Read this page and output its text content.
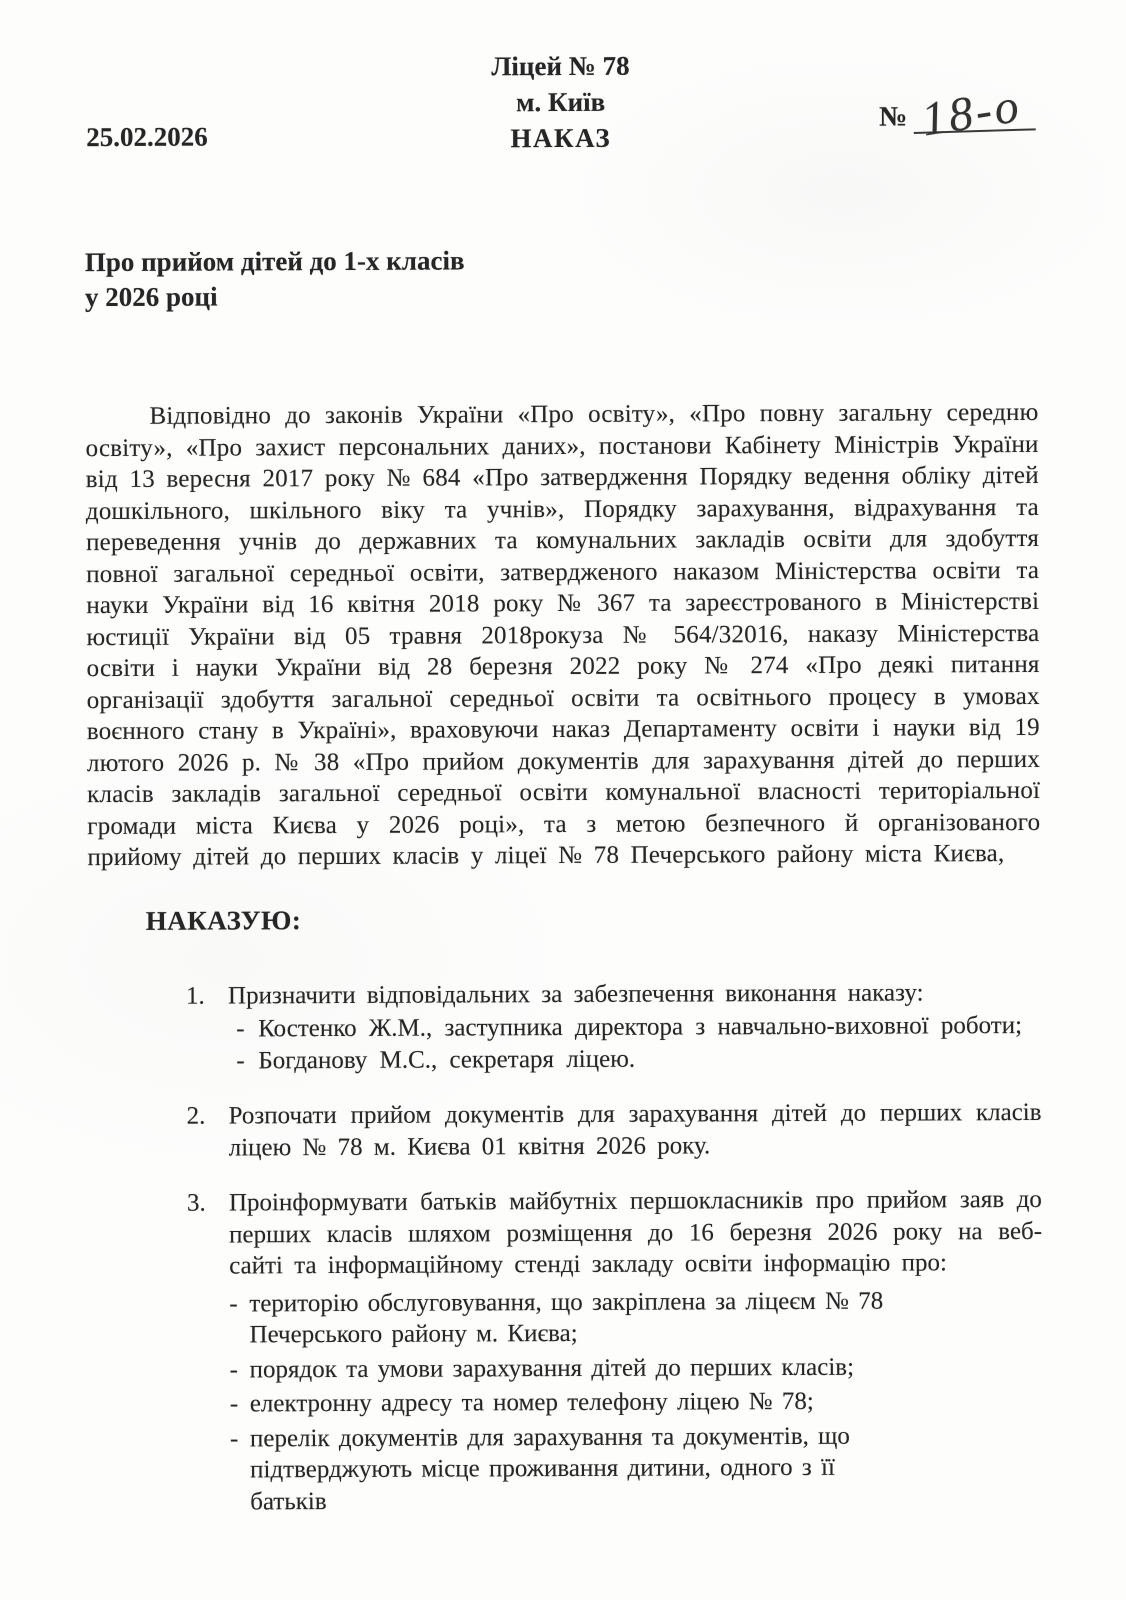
Ліцей № 78
м. Київ
НАКАЗ
25.02.2026
№ 18-о
Про прийом дітей до 1-х класів
у 2026 році

Відповідно до законів України «Про освіту», «Про повну загальну середню освіту», «Про захист персональних даних», постанови Кабінету Міністрів України від 13 вересня 2017 року № 684 «Про затвердження Порядку ведення обліку дітей дошкільного, шкільного віку та учнів», Порядку зарахування, відрахування та переведення учнів до державних та комунальних закладів освіти для здобуття повної загальної середньої освіти, затвердженого наказом Міністерства освіти та науки України від 16 квітня 2018 року № 367 та зареєстрованого в Міністерстві юстиції України від 05 травня 2018рокуза № 564/32016, наказу Міністерства освіти і науки України від 28 березня 2022 року № 274 «Про деякі питання організації здобуття загальної середньої освіти та освітнього процесу в умовах воєнного стану в Україні», враховуючи наказ Департаменту освіти і науки від 19 лютого 2026 р. № 38 «Про прийом документів для зарахування дітей до перших класів закладів загальної середньої освіти комунальної власності територіальної громади міста Києва у 2026 році», та з метою безпечного й організованого прийому дітей до перших класів у ліцеї № 78 Печерського району міста Києва,

НАКАЗУЮ:
1. Призначити відповідальних за забезпечення виконання наказу:
- Костенко Ж.М., заступника директора з навчально-виховної роботи;
- Богданову М.С., секретаря ліцею.
2. Розпочати прийом документів для зарахування дітей до перших класів ліцею № 78 м. Києва 01 квітня 2026 року.
3. Проінформувати батьків майбутніх першокласників про прийом заяв до перших класів шляхом розміщення до 16 березня 2026 року на веб-сайті та інформаційному стенді закладу освіти інформацію про:
- територію обслуговування, що закріплена за ліцеєм № 78 Печерського району м. Києва;
- порядок та умови зарахування дітей до перших класів;
- електронну адресу та номер телефону ліцею № 78;
- перелік документів для зарахування та документів, що підтверджують місце проживання дитини, одного з її батьків
